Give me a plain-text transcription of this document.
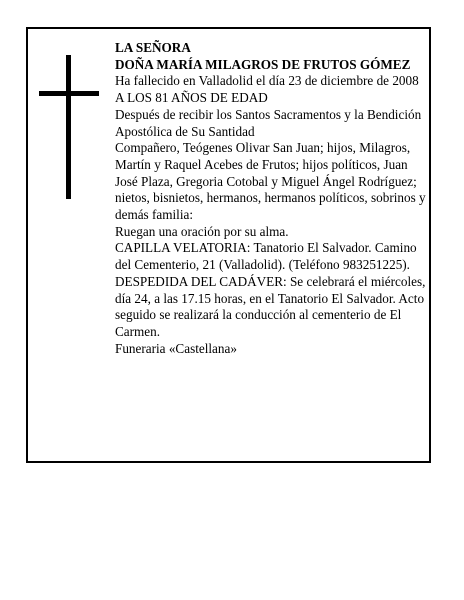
LA SEÑORA

DOÑA MARÍA MILAGROS DE FRUTOS GÓMEZ

Ha fallecido en Valladolid el día 23 de diciembre de 2008

A LOS 81 AÑOS DE EDAD

Después de recibir los Santos Sacramentos y la Bendición Apostólica de Su Santidad

Compañero, Teógenes Olivar San Juan; hijos, Milagros, Martín y Raquel Acebes de Frutos; hijos políticos, Juan José Plaza, Gregoria Cotobal y Miguel Ángel Rodríguez; nietos, bisnietos, hermanos, hermanos políticos, sobrinos y demás familia:

Ruegan una oración por su alma.

CAPILLA VELATORIA: Tanatorio El Salvador. Camino del Cementerio, 21 (Valladolid). (Teléfono 983251225).

DESPEDIDA DEL CADÁVER: Se celebrará el miércoles, día 24, a las 17.15 horas, en el Tanatorio El Salvador. Acto seguido se realizará la conducción al cementerio de El Carmen.

Funeraria «Castellana»
